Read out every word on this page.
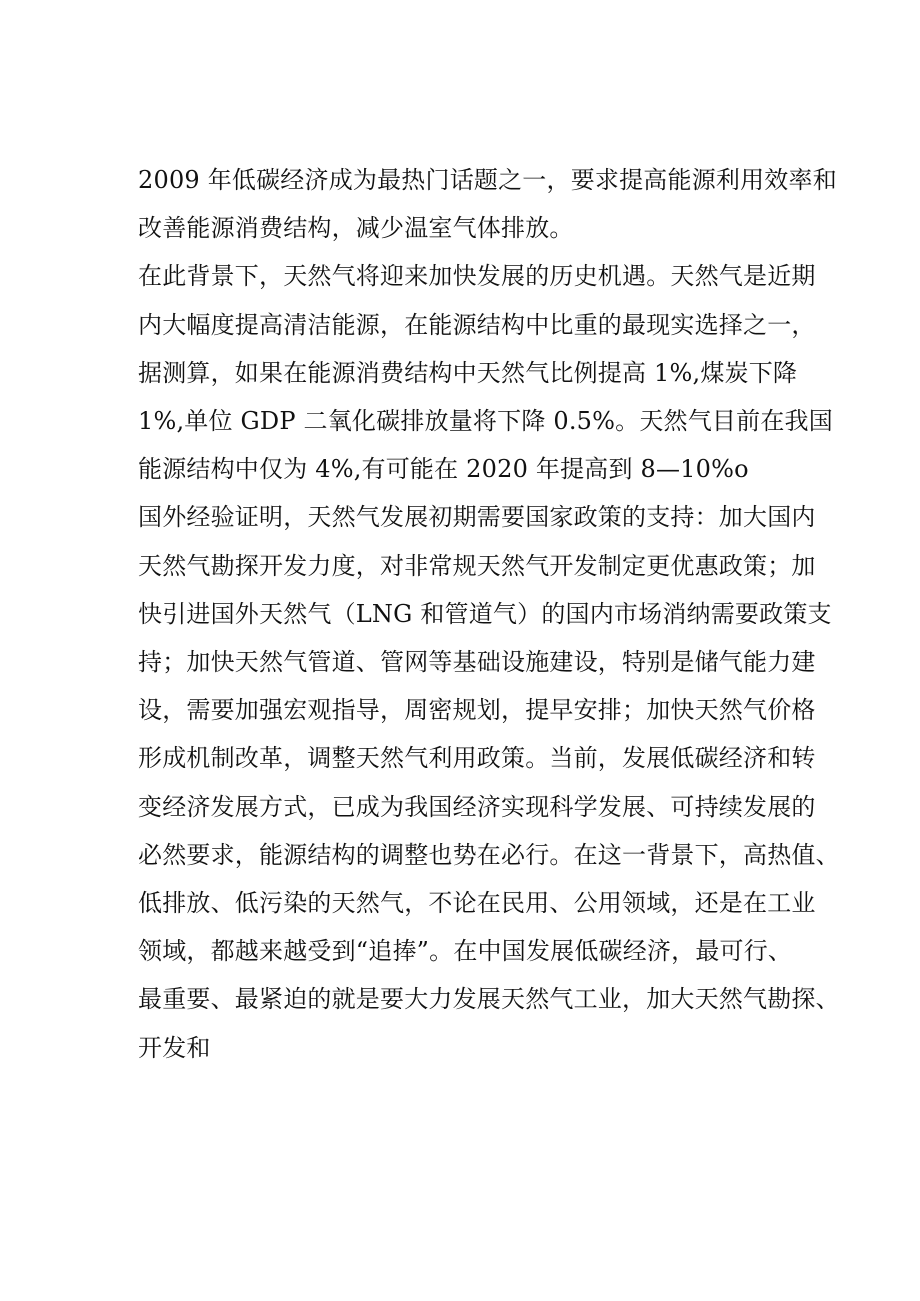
2009 年低碳经济成为最热门话题之一，要求提高能源利用效率和
改善能源消费结构，减少温室气体排放。

在此背景下，天然气将迎来加快发展的历史机遇。天然气是近期
内大幅度提高清洁能源，在能源结构中比重的最现实选择之一，
据测算，如果在能源消费结构中天然气比例提高 1%,煤炭下降
1%,单位 GDP 二氧化碳排放量将下降 0.5%。天然气目前在我国
能源结构中仅为 4%,有可能在 2020 年提高到 8—10%o

国外经验证明，天然气发展初期需要国家政策的支持：加大国内
天然气勘探开发力度，对非常规天然气开发制定更优惠政策；加
快引进国外天然气（LNG 和管道气）的国内市场消纳需要政策支
持；加快天然气管道、管网等基础设施建设，特别是储气能力建
设，需要加强宏观指导，周密规划，提早安排；加快天然气价格
形成机制改革，调整天然气利用政策。当前，发展低碳经济和转
变经济发展方式，已成为我国经济实现科学发展、可持续发展的
必然要求，能源结构的调整也势在必行。在这一背景下，高热值、
低排放、低污染的天然气，不论在民用、公用领域，还是在工业
领域，都越来越受到“追捧”。在中国发展低碳经济，最可行、
最重要、最紧迫的就是要大力发展天然气工业，加大天然气勘探、
开发和
